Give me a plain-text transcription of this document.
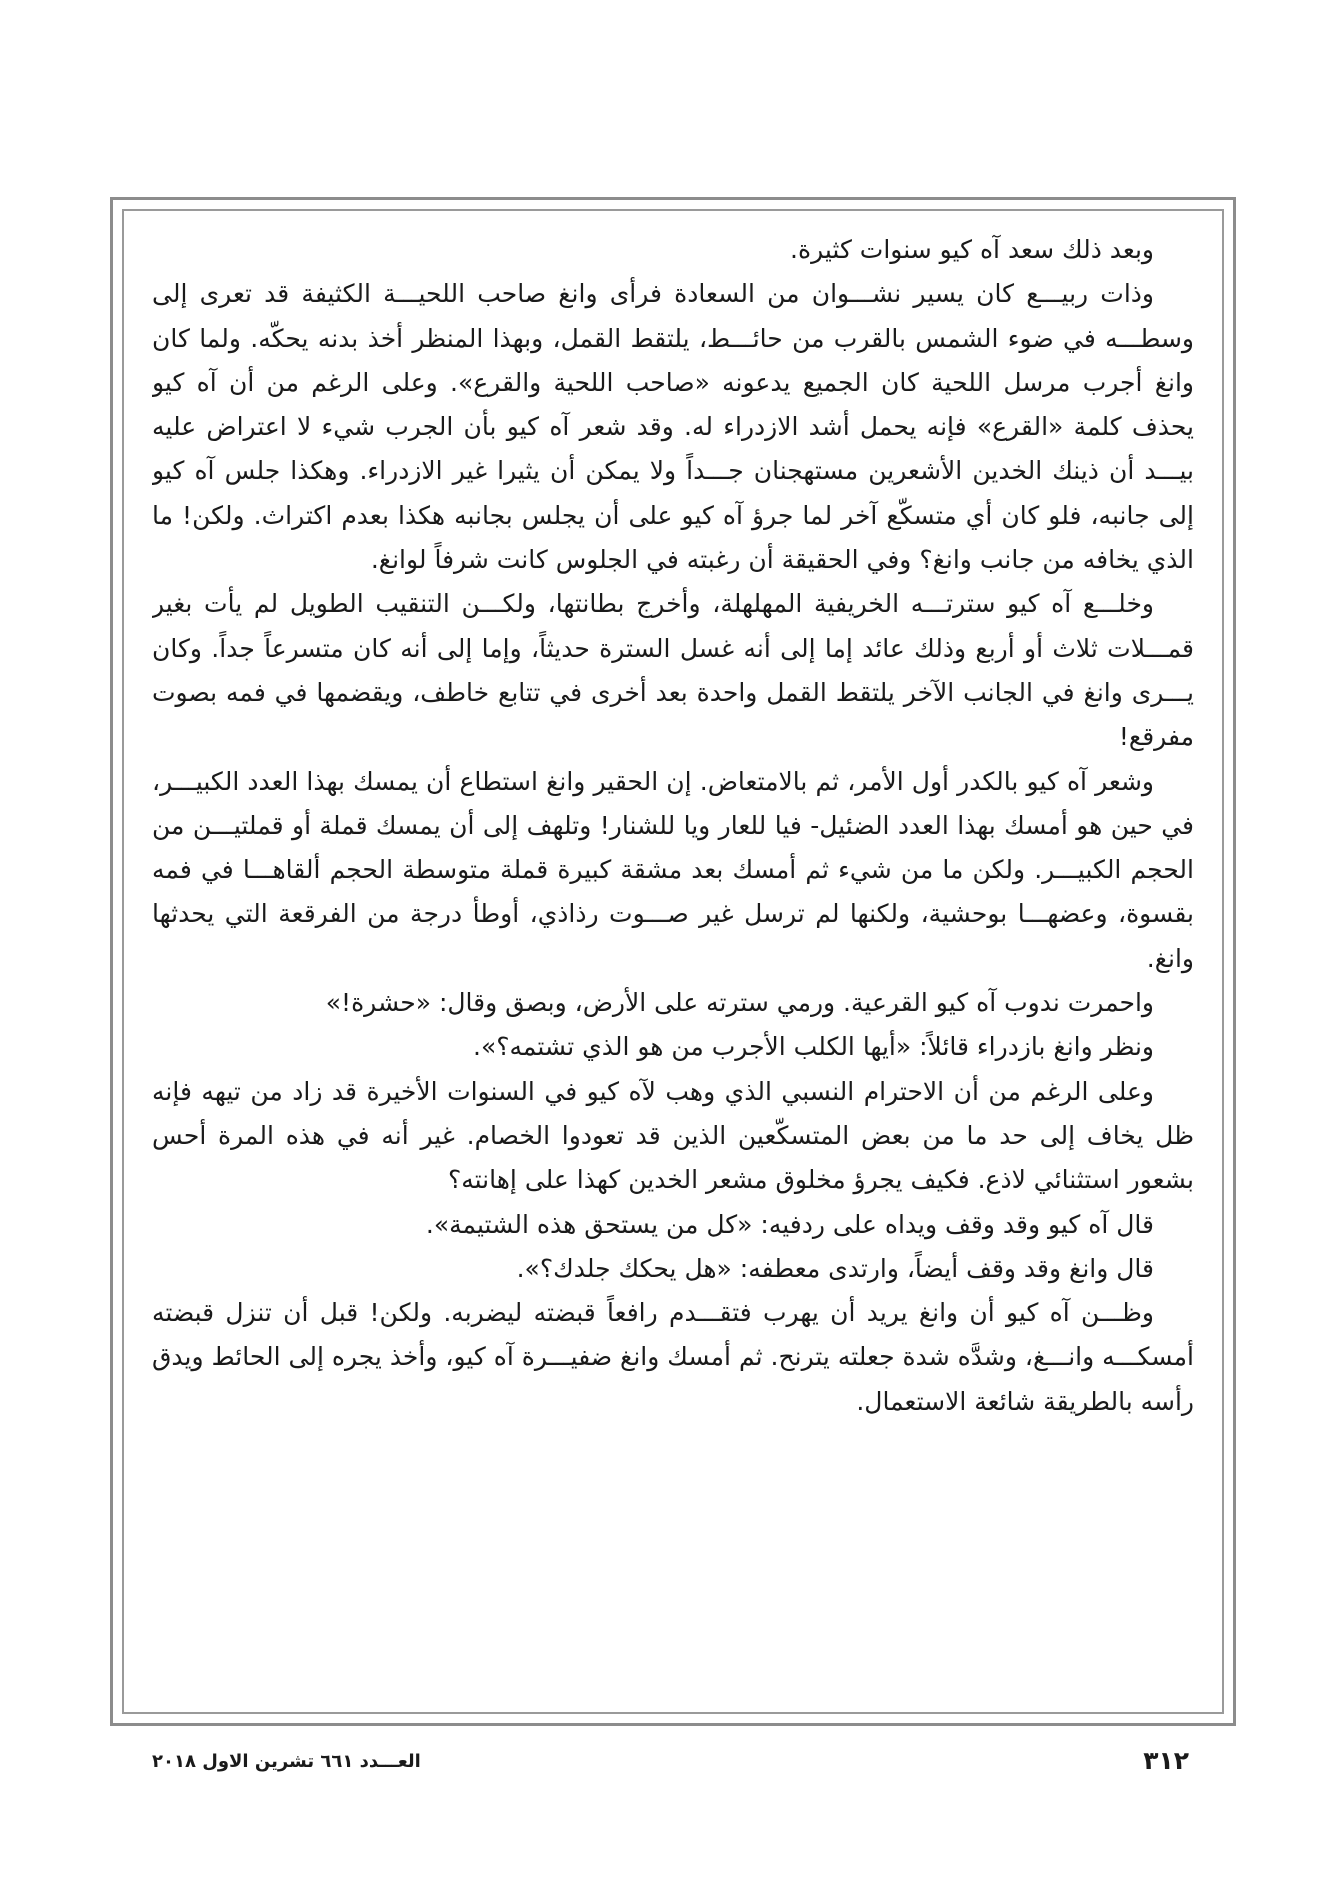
وبعد ذلك سعد آه كيو سنوات كثيرة.

وذات ربيـــع كان يسير نشـــوان من السعادة فرأى وانغ صاحب اللحيـــة الكثيفة قد تعرى إلى وسطـــه في ضوء الشمس بالقرب من حائـــط، يلتقط القمل، وبهذا المنظر أخذ بدنه يحكّه. ولما كان وانغ أجرب مرسل اللحية كان الجميع يدعونه «صاحب اللحية والقرع». وعلى الرغم من أن آه كيو يحذف كلمة «القرع» فإنه يحمل أشد الازدراء له. وقد شعر آه كيو بأن الجرب شيء لا اعتراض عليه بيـــد أن ذينك الخدين الأشعرين مستهجنان جـــداً ولا يمكن أن يثيرا غير الازدراء. وهكذا جلس آه كيو إلى جانبه، فلو كان أي متسكّع آخر لما جرؤ آه كيو على أن يجلس بجانبه هكذا بعدم اكتراث. ولكن! ما الذي يخافه من جانب وانغ؟ وفي الحقيقة أن رغبته في الجلوس كانت شرفاً لوانغ.

وخلـــع آه كيو سترتـــه الخريفية المهلهلة، وأخرج بطانتها، ولكـــن التنقيب الطويل لم يأت بغير قمـــلات ثلاث أو أربع وذلك عائد إما إلى أنه غسل السترة حديثاً، وإما إلى أنه كان متسرعاً جداً. وكان يـــرى وانغ في الجانب الآخر يلتقط القمل واحدة بعد أخرى في تتابع خاطف، ويقضمها في فمه بصوت مفرقع!

وشعر آه كيو بالكدر أول الأمر، ثم بالامتعاض. إن الحقير وانغ استطاع أن يمسك بهذا العدد الكبيـــر، في حين هو أمسك بهذا العدد الضئيل- فيا للعار ويا للشنار! وتلهف إلى أن يمسك قملة أو قملتيـــن من الحجم الكبيـــر. ولكن ما من شيء ثم أمسك بعد مشقة كبيرة قملة متوسطة الحجم ألقاهـــا في فمه بقسوة، وعضهـــا بوحشية، ولكنها لم ترسل غير صـــوت رذاذي، أوطأ درجة من الفرقعة التي يحدثها وانغ.

واحمرت ندوب آه كيو القرعية. ورمي سترته على الأرض، وبصق وقال: «حشرة!»

ونظر وانغ بازدراء قائلاً: «أيها الكلب الأجرب من هو الذي تشتمه؟».

وعلى الرغم من أن الاحترام النسبي الذي وهب لآه كيو في السنوات الأخيرة قد زاد من تيهه فإنه ظل يخاف إلى حد ما من بعض المتسكّعين الذين قد تعودوا الخصام. غير أنه في هذه المرة أحس بشعور استثنائي لاذع. فكيف يجرؤ مخلوق مشعر الخدين كهذا على إهانته؟

قال آه كيو وقد وقف ويداه على ردفيه: «كل من يستحق هذه الشتيمة».

قال وانغ وقد وقف أيضاً، وارتدى معطفه: «هل يحكك جلدك؟».

وظـــن آه كيو أن وانغ يريد أن يهرب فتقـــدم رافعاً قبضته ليضربه. ولكن! قبل أن تنزل قبضته أمسكـــه وانـــغ، وشدَّه شدة جعلته يترنح. ثم أمسك وانغ ضفيـــرة آه كيو، وأخذ يجره إلى الحائط ويدق رأسه بالطريقة شائعة الاستعمال.

٣١٢
العـــدد ٦٦١ تشرين الاول ٢٠١٨
